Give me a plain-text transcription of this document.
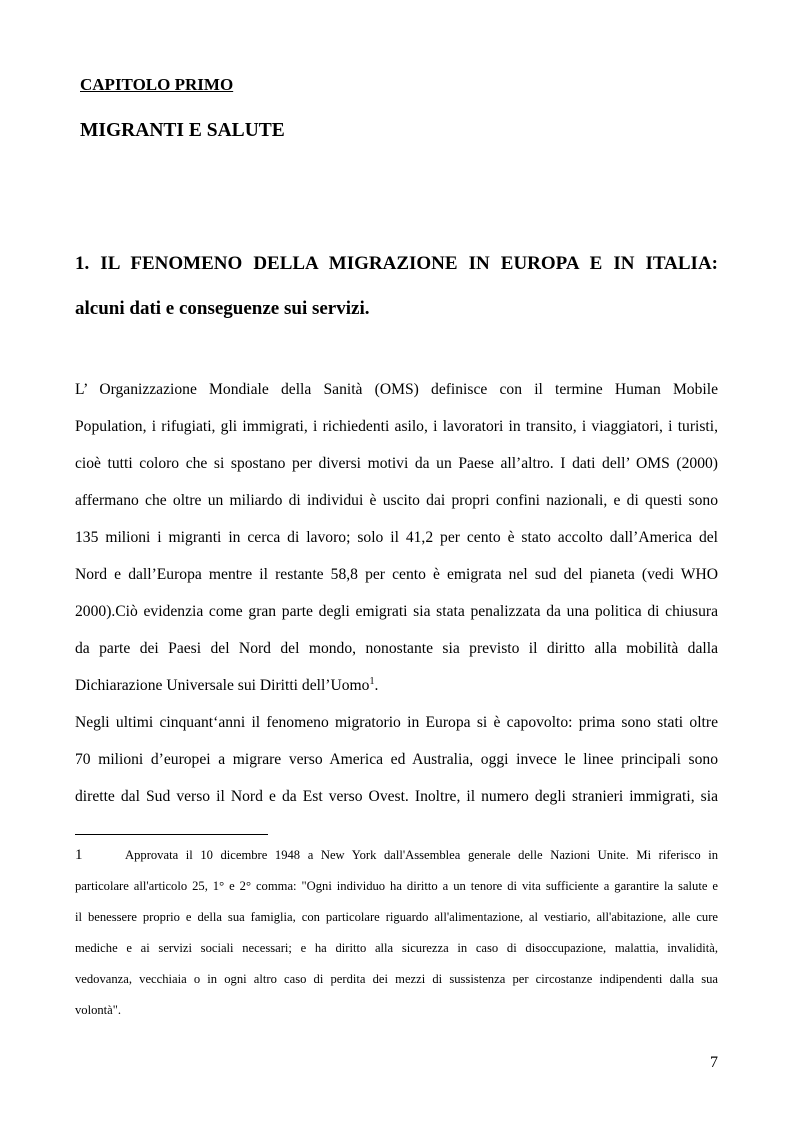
CAPITOLO PRIMO
MIGRANTI E SALUTE
1. IL FENOMENO DELLA MIGRAZIONE IN EUROPA E IN ITALIA:
alcuni dati e conseguenze sui servizi.
L’ Organizzazione Mondiale della Sanità (OMS) definisce con il termine Human Mobile
Population, i rifugiati, gli immigrati, i richiedenti asilo, i lavoratori in transito, i viaggiatori, i turisti,
cioè tutti coloro che si spostano per diversi motivi da un Paese all’altro. I dati dell’ OMS (2000)
affermano che oltre un miliardo di individui è uscito dai propri confini nazionali, e di questi sono
135 milioni i migranti in cerca di lavoro; solo il 41,2 per cento è stato accolto dall’America del
Nord e dall’Europa mentre il restante 58,8 per cento è emigrata nel sud del pianeta (vedi WHO
2000).Ciò evidenzia come gran parte degli emigrati sia stata penalizzata da una politica di chiusura
da parte dei Paesi del Nord del mondo, nonostante sia previsto il diritto alla mobilità dalla
Dichiarazione Universale sui Diritti dell’Uomo$^1$.
Negli ultimi cinquant‘anni il fenomeno migratorio in Europa si è capovolto: prima sono stati oltre
70 milioni d’europei a migrare verso America ed Australia, oggi invece le linee principali sono
dirette dal Sud verso il Nord e da Est verso Ovest. Inoltre, il numero degli stranieri immigrati, sia
1	Approvata il 10 dicembre 1948 a New York dall'Assemblea generale delle Nazioni Unite. Mi riferisco in
particolare all'articolo 25, 1° e 2° comma: "Ogni individuo ha diritto a un tenore di vita sufficiente a garantire la salute e
il benessere proprio e della sua famiglia, con particolare riguardo all'alimentazione, al vestiario, all'abitazione, alle cure
mediche e ai servizi sociali necessari; e ha diritto alla sicurezza in caso di disoccupazione, malattia, invalidità,
vedovanza, vecchiaia o in ogni altro caso di perdita dei mezzi di sussistenza per circostanze indipendenti dalla sua
volontà".
7
